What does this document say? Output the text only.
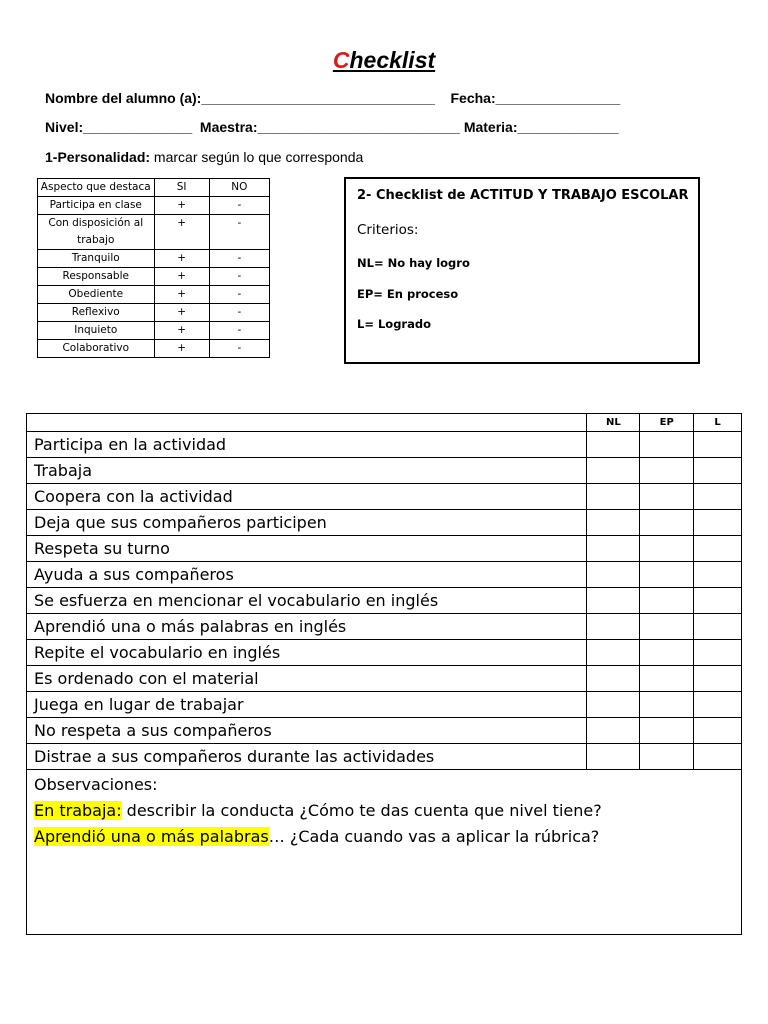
Checklist
Nombre del alumno (a):______________________________    Fecha:________________
Nivel:______________  Maestra:__________________________ Materia:_____________
1-Personalidad: marcar según lo que corresponda
Aspecto que destaca	SI	NO
Participa en clase	+	-
Con disposición al trabajo	+	-
Tranquilo	+	-
Responsable	+	-
Obediente	+	-
Reflexivo	+	-
Inquieto	+	-
Colaborativo	+	-
2- Checklist de ACTITUD Y TRABAJO ESCOLAR
Criterios:
NL= No hay logro
EP= En proceso
L= Logrado
	NL	EP	L
Participa en la actividad			
Trabaja			
Coopera con la actividad			
Deja que sus compañeros participen			
Respeta su turno			
Ayuda a sus compañeros			
Se esfuerza en mencionar el vocabulario en inglés			
Aprendió una o más palabras en inglés			
Repite el vocabulario en inglés			
Es ordenado con el material			
Juega en lugar de trabajar			
No respeta a sus compañeros			
Distrae a sus compañeros durante las actividades			

Observaciones:
En trabaja: describir la conducta ¿Cómo te das cuenta que nivel tiene?
Aprendió una o más palabras… ¿Cada cuando vas a aplicar la rúbrica?			
